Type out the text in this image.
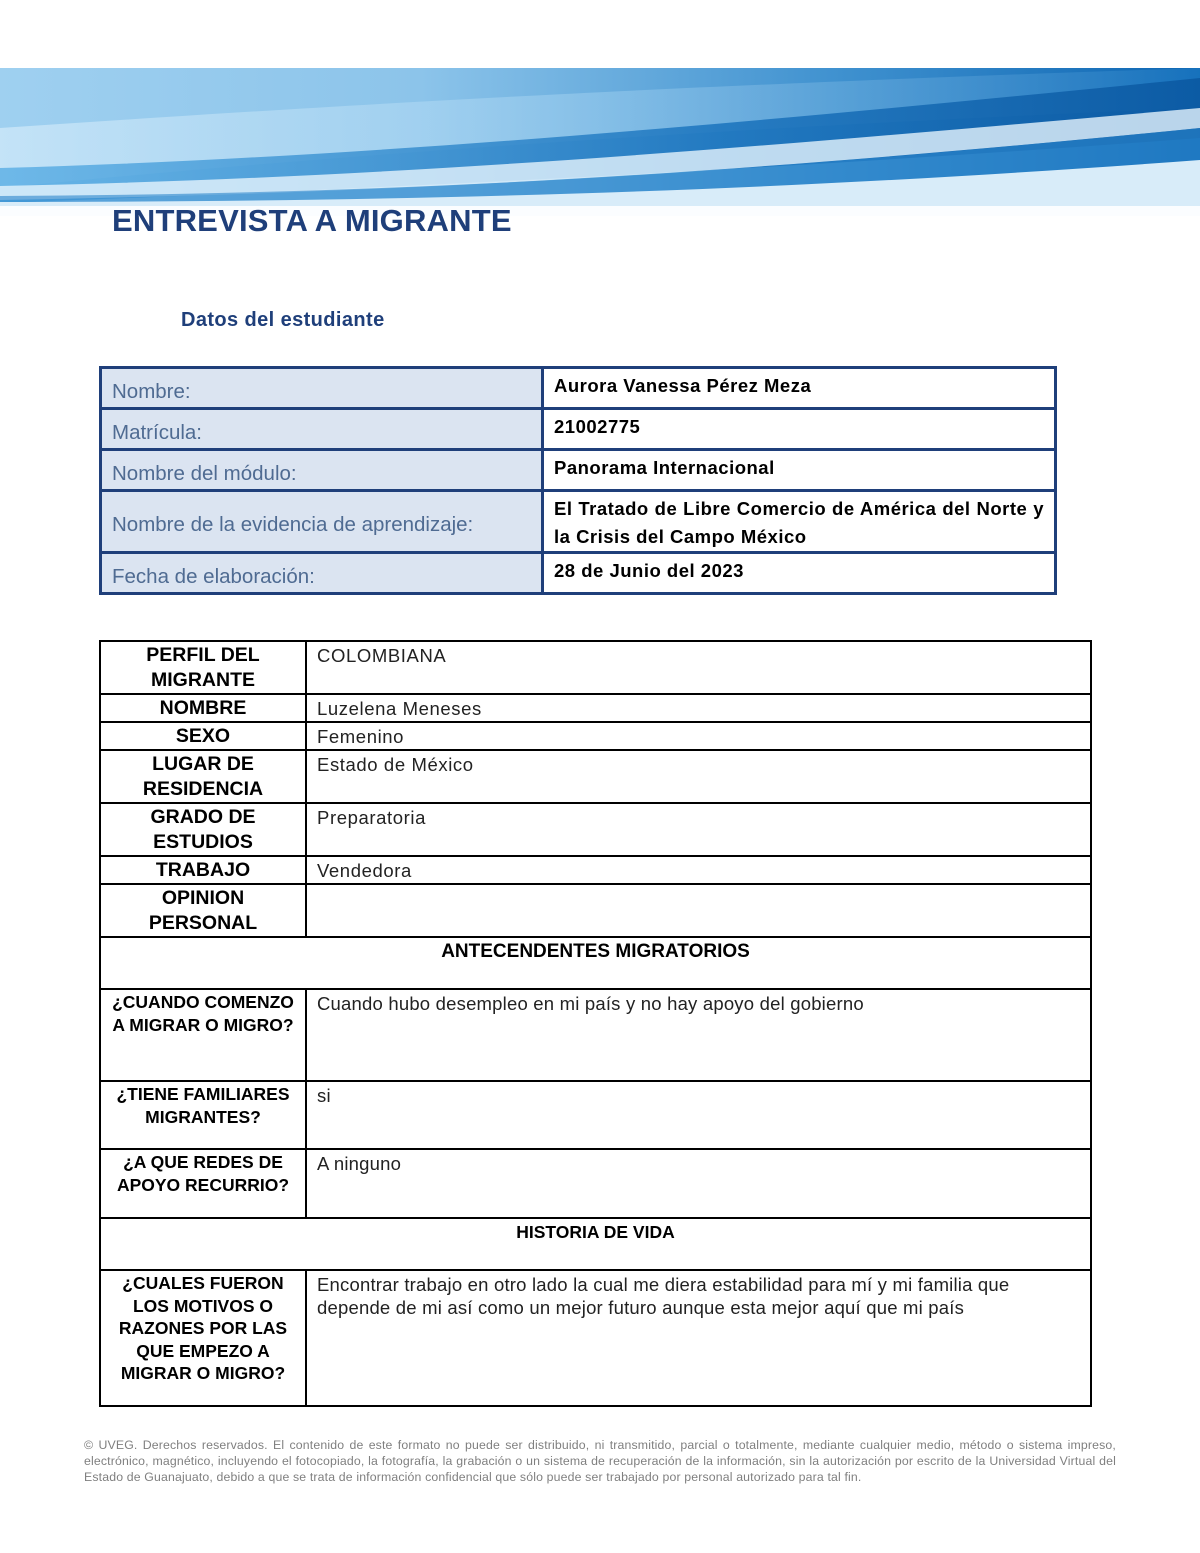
ENTREVISTA A MIGRANTE
Datos del estudiante
Nombre:	Aurora Vanessa Pérez Meza
Matrícula:	21002775
Nombre del módulo:	Panorama Internacional
Nombre de la evidencia de aprendizaje:	El Tratado de Libre Comercio de América del Norte y la Crisis del Campo México
Fecha de elaboración:	28 de Junio del 2023
PERFIL DEL MIGRANTE	COLOMBIANA
NOMBRE	Luzelena Meneses
SEXO	Femenino
LUGAR DE RESIDENCIA	Estado de México
GRADO DE ESTUDIOS	Preparatoria
TRABAJO	Vendedora
OPINION PERSONAL	
ANTECENDENTES MIGRATORIOS	
¿CUANDO COMENZO A MIGRAR O MIGRO?	Cuando hubo desempleo en mi país y no hay apoyo del gobierno
¿TIENE FAMILIARES MIGRANTES?	si
¿A QUE REDES DE APOYO RECURRIO?	A ninguno
HISTORIA DE VIDA	
¿CUALES FUERON LOS MOTIVOS O RAZONES POR LAS QUE EMPEZO A MIGRAR O MIGRO?	Encontrar trabajo en otro lado la cual me diera estabilidad para mí y mi familia que depende de mi así como un mejor futuro aunque esta mejor aquí que mi país
© UVEG. Derechos reservados. El contenido de este formato no puede ser distribuido, ni transmitido, parcial o totalmente, mediante cualquier medio, método o sistema impreso, electrónico, magnético, incluyendo el fotocopiado, la fotografía, la grabación o un sistema de recuperación de la información, sin la autorización por escrito de la Universidad Virtual del Estado de Guanajuato, debido a que se trata de información confidencial que sólo puede ser trabajado por personal autorizado para tal fin.
